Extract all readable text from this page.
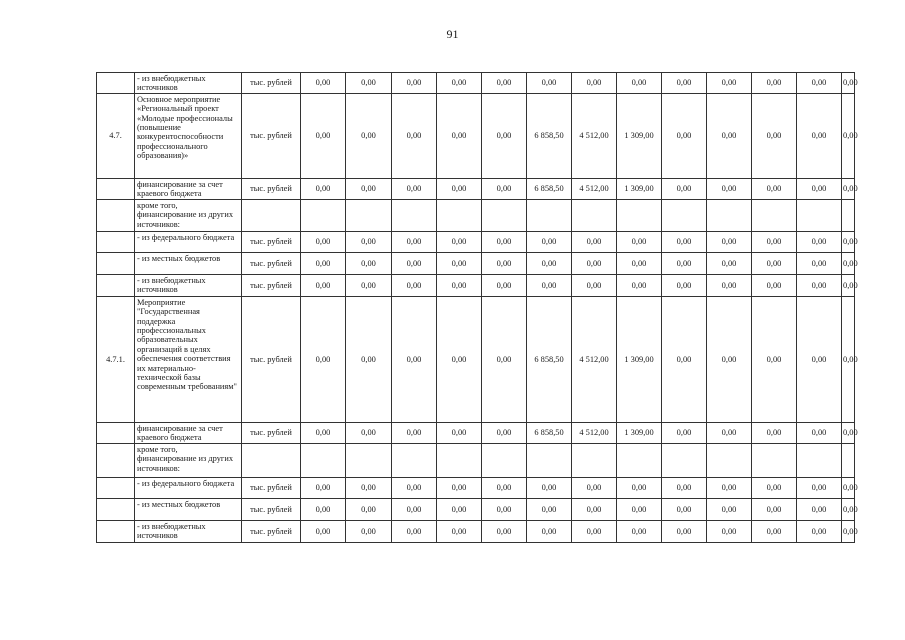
91
	- из внебюджетных источников	тыс. рублей	0,00	0,00	0,00	0,00	0,00	0,00	0,00	0,00	0,00	0,00	0,00	0,00	0,00
4.7.	Основное мероприятие «Региональный проект «Молодые профессионалы (повышение конкурентоспособности профессионального образования)»	тыс. рублей	0,00	0,00	0,00	0,00	0,00	6 858,50	4 512,00	1 309,00	0,00	0,00	0,00	0,00	0,00
	финансирование за счет краевого бюджета	тыс. рублей	0,00	0,00	0,00	0,00	0,00	6 858,50	4 512,00	1 309,00	0,00	0,00	0,00	0,00	0,00
	кроме того, финансирование из других источников:														
	- из федерального бюджета	тыс. рублей	0,00	0,00	0,00	0,00	0,00	0,00	0,00	0,00	0,00	0,00	0,00	0,00	0,00
	- из местных бюджетов	тыс. рублей	0,00	0,00	0,00	0,00	0,00	0,00	0,00	0,00	0,00	0,00	0,00	0,00	0,00
	- из внебюджетных источников	тыс. рублей	0,00	0,00	0,00	0,00	0,00	0,00	0,00	0,00	0,00	0,00	0,00	0,00	0,00
4.7.1.	Мероприятие "Государственная поддержка профессиональных образовательных организаций в целях обеспечения соответствия их материально-технической базы современным требованиям"	тыс. рублей	0,00	0,00	0,00	0,00	0,00	6 858,50	4 512,00	1 309,00	0,00	0,00	0,00	0,00	0,00
	финансирование за счет краевого бюджета	тыс. рублей	0,00	0,00	0,00	0,00	0,00	6 858,50	4 512,00	1 309,00	0,00	0,00	0,00	0,00	0,00
	кроме того, финансирование из других источников:														
	- из федерального бюджета	тыс. рублей	0,00	0,00	0,00	0,00	0,00	0,00	0,00	0,00	0,00	0,00	0,00	0,00	0,00
	- из местных бюджетов	тыс. рублей	0,00	0,00	0,00	0,00	0,00	0,00	0,00	0,00	0,00	0,00	0,00	0,00	0,00
	- из внебюджетных источников	тыс. рублей	0,00	0,00	0,00	0,00	0,00	0,00	0,00	0,00	0,00	0,00	0,00	0,00	0,00
